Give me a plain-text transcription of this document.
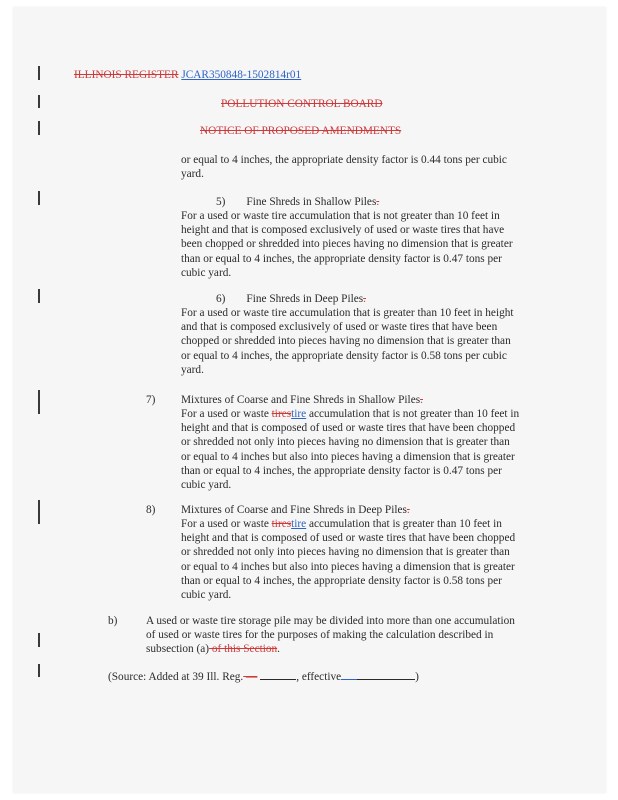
ILLINOIS REGISTER JCAR350848-1502814r01
POLLUTION CONTROL BOARD
NOTICE OF PROPOSED AMENDMENTS
or equal to 4 inches, the appropriate density factor is 0.44 tons per cubic
yard.
5) Fine Shreds in Shallow Piles.
For a used or waste tire accumulation that is not greater than 10 feet in
height and that is composed exclusively of used or waste tires that have
been chopped or shredded into pieces having no dimension that is greater
than or equal to 4 inches, the appropriate density factor is 0.47 tons per
cubic yard.
6) Fine Shreds in Deep Piles.
For a used or waste tire accumulation that is greater than 10 feet in height
and that is composed exclusively of used or waste tires that have been
chopped or shredded into pieces having no dimension that is greater than
or equal to 4 inches, the appropriate density factor is 0.58 tons per cubic
yard.
7) Mixtures of Coarse and Fine Shreds in Shallow Piles.
For a used or waste tirestire accumulation that is not greater than 10 feet in
height and that is composed of used or waste tires that have been chopped
or shredded not only into pieces having no dimension that is greater than
or equal to 4 inches but also into pieces having a dimension that is greater
than or equal to 4 inches, the appropriate density factor is 0.47 tons per
cubic yard.
8) Mixtures of Coarse and Fine Shreds in Deep Piles.
For a used or waste tirestire accumulation that is greater than 10 feet in
height and that is composed of used or waste tires that have been chopped
or shredded not only into pieces having no dimension that is greater than
or equal to 4 inches but also into pieces having a dimension that is greater
than or equal to 4 inches, the appropriate density factor is 0.58 tons per
cubic yard.
b)	A used or waste tire storage pile may be divided into more than one accumulation
of used or waste tires for the purposes of making the calculation described in
subsection (a) of this Section.
(Source: Added at 39 Ill. Reg. —	, effective	)
